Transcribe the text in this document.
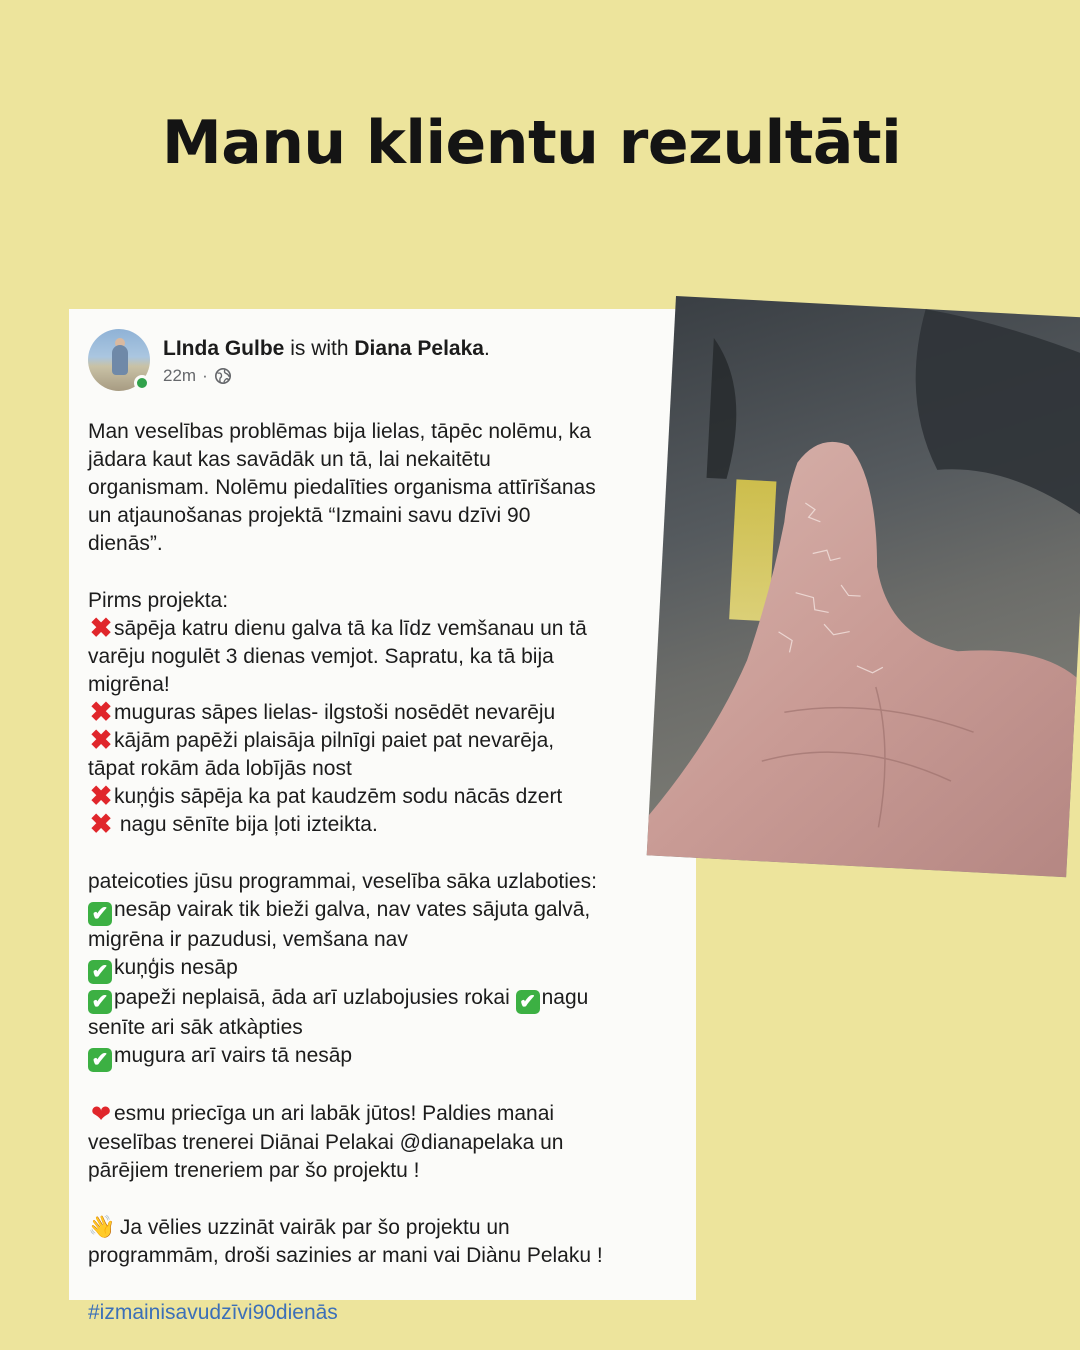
Manu klientu rezultāti
LInda Gulbe is with Diana Pelaka.
22m ·

Man veselības problēmas bija lielas, tāpēc nolēmu, ka

jādara kaut kas savādāk un tā, lai nekaitētu

organismam. Nolēmu piedalīties organisma attīrīšanas

un atjaunošanas projektā “Izmaini savu dzīvi 90

dienās”.

Pirms projekta:

✖sāpēja katru dienu galva tā ka līdz vemšanau un tā

varēju nogulēt 3 dienas vemjot. Sapratu, ka tā bija

migrēna!

✖muguras sāpes lielas- ilgstoši nosēdēt nevarēju

✖kājām papēži plaisāja pilnīgi paiet pat nevarēja,

tāpat rokām āda lobījās nost

✖kuņģis sāpēja ka pat kaudzēm sodu nācās dzert

✖ nagu sēnīte bija ļoti izteikta.

pateicoties jūsu programmai, veselība sāka uzlaboties:

✔ nesāp vairak tik bieži galva, nav vates sājuta galvā,

migrēna ir pazudusi, vemšana nav

✔ kuņģis nesāp

✔ papeži neplaisā, āda arī uzlabojusies rokai ✔ nagu

senīte ari sāk atkàpties

✔ mugura arī vairs tā nesāp

❤ esmu priecīga un ari labāk jūtos! Paldies manai

veselības trenerei Diānai Pelakai @dianapelaka un

pārējiem treneriem par šo projektu !

👋 Ja vēlies uzzināt vairāk par šo projektu un

programmām, droši sazinies ar mani vai Diànu Pelaku !

#izmainisavudzīvi90dienās
